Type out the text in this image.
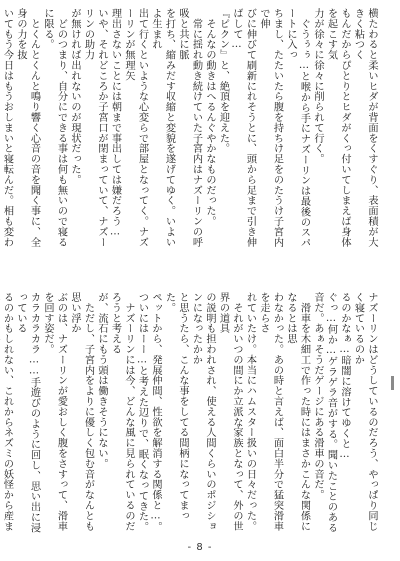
横たわると柔いヒダが背面をくすぐり、表面積が大きく粘つく
もんだからぴとりとヒダがくっ付いてしまえば身体を起こす気
力が徐々に徐々に削られて行く。
　ぐうぅぅ…と喉から手にナズーリンは最後のスパートに入っ
ちまし、たたいたら腹を持ちけ足をのたうけ子宮内で伸
びに伸びて刷新にれそうとに、頭から足まで引き伸ばして…
『ピクン』と、絶頂を迎えた。
　そんなの動きはへるんぐやかなものだった。
　常に揺れ動き続けていた子宮内はナズーリンの呼吸と共に脈
を打ち、縮みだす収縮と変貌を遂げてゆく。いよいよ生まれ
出て行くといような心変らで部屋となってく。ナズーリンが無理矢
理出さないことには朝まで事出しては嫌だろう…
いや、それどころか子宮口が閉まっていて、ナズーリンの助力
が無ければ出れないのが現状だった。
　どのつまり、自分にできる事は何も無いので寝るに限る。
　とくんとくんと鳴り響く心音の音を聞く事に、全身の力を抜
いてもう今日はもうおしまいと寝転んだ。相も変わ

ナズーリンはどうしているのだろう、やっぱり同じく寝ているのか
るのかなぁ…暗闇に溶けてゆくと…
ぐっ…何か…ゲラゲラ音がする。聞いたことのある
音だ。あぁそうだゲージにある滑車の音だ。
　滑車を木細工で作った時にはまさかこんな関係になるとは思
わなかった。あの時と言えば、面白半分で猛突滑車を走らさ
れていたけ。本当にハムスター扱いの日々だった。
　それがいつの間にか立派な家族となって、外の世界の道具
の説明も担われされ、使える人間くらいのポジションになったかか
と思うたら、こんな事をしてる間柄になってまった。
ペットから、発展仲間、性欲を解消する関係と…。
ついにはーー…と考えた辺りで、眠くなってきた。
　ナズーリンには今、どんな風に見られているのだろうと考える
が、流石にもう頭は働きそうにない。
　ただし、子宮内をよりに優しく包む音がなんとも思い浮か
ぶのは、ナズーリンが愛おしく腹をさすって、滑車を回す姿だ。
カラカラカラ……手遊びのように回し、思い出に浸っている
るのかもしれない、これからネズミの妖怪から産ま

- 8 -
